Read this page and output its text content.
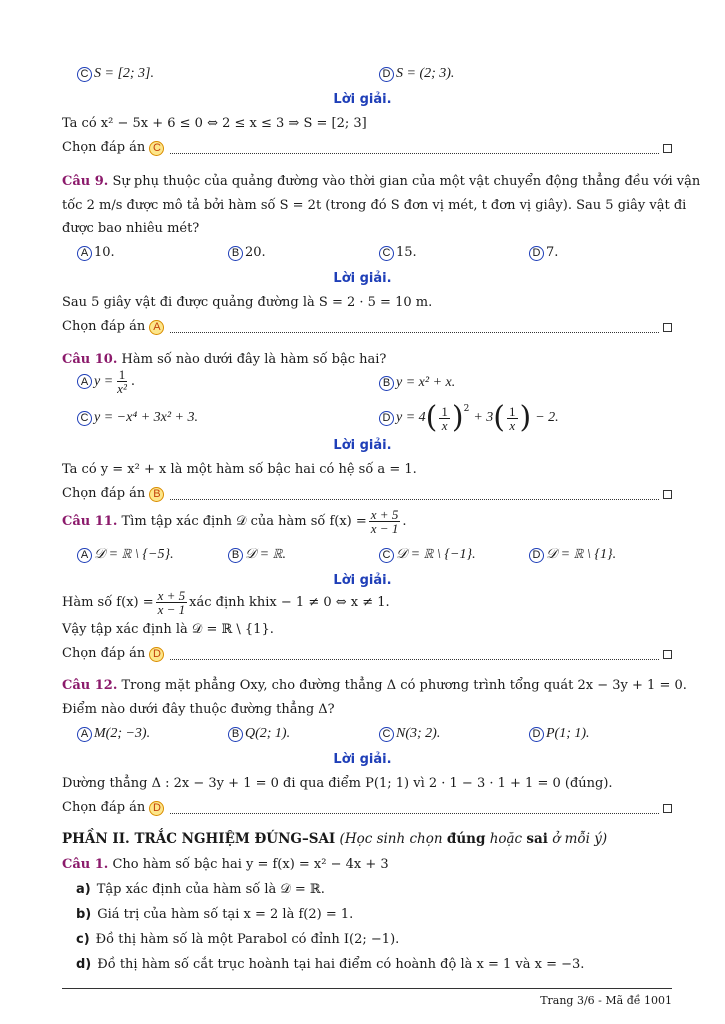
C S = [2; 3].	D S = (2; 3).
Lời giải.
Ta có x² − 5x + 6 ≤ 0 ⇔ 2 ≤ x ≤ 3 ⇒ S = [2; 3]
Chọn đáp án
C
Câu 9. Sự phụ thuộc của quảng đường vào thời gian của một vật chuyển động thẳng đều với vận
tốc 2 m/s được mô tả bởi hàm số S = 2t (trong đó S đơn vị mét, t đơn vị giây). Sau 5 giây vật đi
được bao nhiêu mét?
A 10.	B 20.	C 15.	D 7.
Lời giải.
Sau 5 giây vật đi được quảng đường là S = 2 · 5 = 10 m.
Chọn đáp án
A
Câu 10. Hàm số nào dưới đây là hàm số bậc hai?
A $y = \frac{1}{\text{x²}}$ .	B y = x² + x.
C y = −x⁴ + 3x² + 3.	D y = 4 ( $\frac{1}{x} )^2$
+ 3 ( $\frac{1}{x}$ ) − 2.
Lời giải.
Ta có y = x² + x là một hàm số bậc hai có hệ số a = 1.
Chọn đáp án
B
Câu 11.
Tìm tập xác định 𝒟 của hàm số $f(x) = \frac{x + 5}{x - 1}$ .
A 𝒟 = ℝ \ {−5}.	B 𝒟 = ℝ.	C 𝒟 = ℝ \ {−1}.	D 𝒟 = ℝ \ {1}.
Lời giải.
Hàm số $f(x) = \frac{x + 5}{x - 1}$ xác định khix − 1 ≠ 0 ⇔ x ≠ 1.
Vậy tập xác định là 𝒟 = ℝ \ {1}.
Chọn đáp án
D
Câu 12. Trong mặt phẳng Oxy, cho đường thẳng Δ có phương trình tổng quát 2x − 3y + 1 = 0.
Điểm nào dưới đây thuộc đường thẳng Δ?
A M(2; −3).	B Q(2; 1).	C N(3; 2).	D P(1; 1).
Lời giải.
Dường thẳng Δ : 2x − 3y + 1 = 0 đi qua điểm P(1; 1) vì 2 · 1 − 3 · 1 + 1 = 0 (đúng).
Chọn đáp án
D
PHẦN II. TRẮC NGHIỆM ĐÚNG–SAI (Học sinh chọn đúng hoặc sai ở mỗi ý)
Câu 1. Cho hàm số bậc hai y = f(x) = x² − 4x + 3
a) Tập xác định của hàm số là 𝒟 = ℝ.
b) Giá trị của hàm số tại x = 2 là f(2) = 1.
c) Đồ thị hàm số là một Parabol có đỉnh I(2; −1).
d) Đồ thị hàm số cắt trục hoành tại hai điểm có hoành độ là x = 1 và x = −3.
Trang 3/6 - Mã đề 1001
